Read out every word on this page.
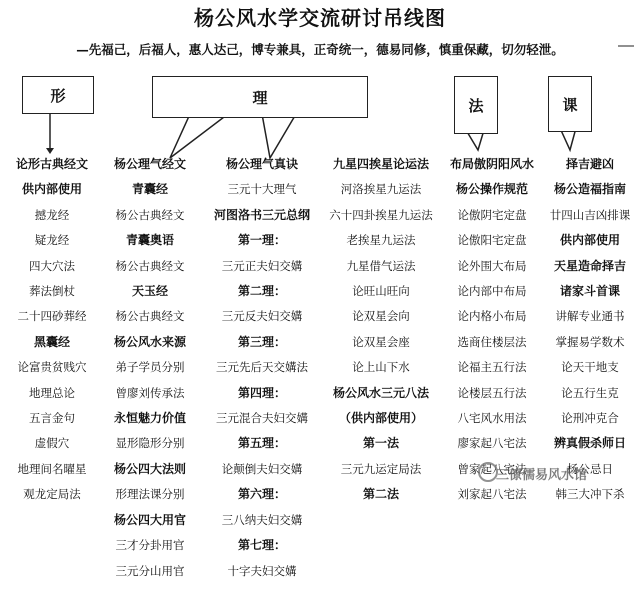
杨公风水学交流研讨吊线图
—先福己，后福人，惠人达己，博专兼具，正奇统一，德易同修，慎重保藏，切勿轻泄。
形	理	法	课
论形古典经文
供内部使用
撼龙经
疑龙经
四大穴法
葬法倒杖
二十四砂葬经
黑囊经
论富贵贫贱穴
地理总论
五言金句
虚假穴
地理间名曜星
观龙定局法
杨公理气经文
青囊经
杨公古典经文
青囊奥语
杨公古典经文
天玉经
杨公古典经文
杨公风水来源
弟子学员分别
曾廖刘传承法
永恒魅力价值
显形隐形分别
杨公四大法则
形理法课分别
杨公四大用官
三才分卦用官
三元分山用官
杨公理气真诀
三元十大理气
河图洛书三元总纲
第一理：
三元正夫妇交媾
第二理：
三元反夫妇交媾
第三理：
三元先后天交媾法
第四理：
三元混合夫妇交媾
第五理：
论颠倒夫妇交媾
第六理：
三八纳夫妇交媾
第七理：
十字夫妇交媾
九星四挨星论运法
河洛挨星九运法
六十四卦挨星九运法
老挨星九运法
九星借气运法
论旺山旺向
论双星会向
论双星会座
论上山下水
杨公风水三元八法
（供内部使用）
第一法
三元九运定局法
第二法
布局傲阴阳风水
杨公操作规范
论傲阴宅定盘
论傲阳宅定盘
论外围大布局
论内部中布局
论内格小布局
选商住楼层法
论福主五行法
论楼层五行法
八宅风水用法
廖家起八宅法
曾家起八宅法
刘家起八宅法
择吉避凶
杨公造福指南
廿四山吉凶排课
供内部使用
天星造命择吉
诸家斗首课
讲解专业通书
掌握易学数术
论天干地支
论五行生克
论刑冲克合
辨真假杀师日
杨公忌日
韩三大冲下杀
三僚儒易风水馆
